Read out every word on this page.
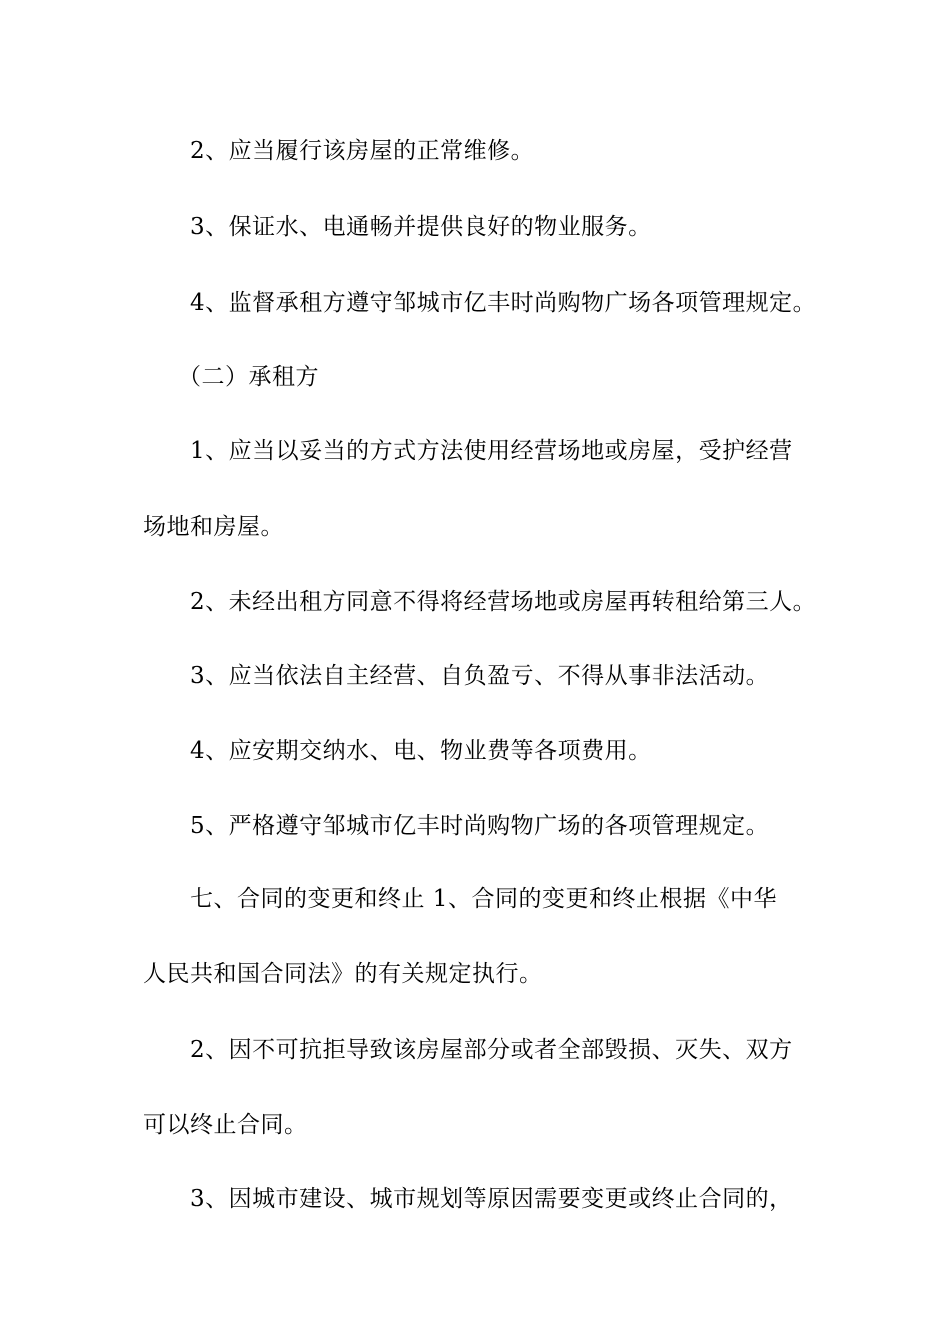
2、应当履行该房屋的正常维修。

3、保证水、电通畅并提供良好的物业服务。

4、监督承租方遵守邹城市亿丰时尚购物广场各项管理规定。

（二）承租方

1、应当以妥当的方式方法使用经营场地或房屋，受护经营

场地和房屋。

2、未经出租方同意不得将经营场地或房屋再转租给第三人。

3、应当依法自主经营、自负盈亏、不得从事非法活动。

4、应安期交纳水、电、物业费等各项费用。

5、严格遵守邹城市亿丰时尚购物广场的各项管理规定。

七、合同的变更和终止 1、合同的变更和终止根据《中华

人民共和国合同法》的有关规定执行。

2、因不可抗拒导致该房屋部分或者全部毁损、灭失、双方

可以终止合同。

3、因城市建设、城市规划等原因需要变更或终止合同的，
